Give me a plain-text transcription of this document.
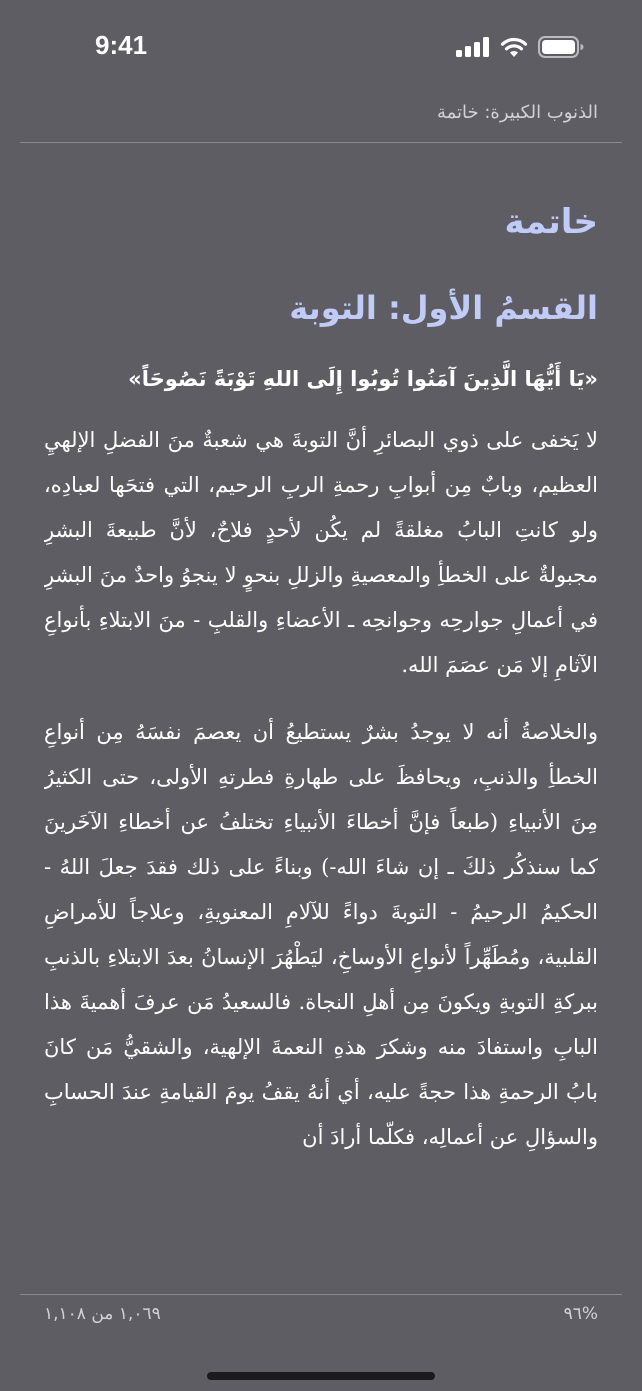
9:41
الذنوب الكبيرة: خاتمة
خاتمة
القسمُ الأول: التوبة

«يَا أَيُّهَا الَّذِينَ آمَنُوا تُوبُوا إِلَى اللهِ تَوْبَةً نَصُوحَاً»

لا يَخفى على ذوي البصائرِ أنَّ التوبةَ هي شعبةٌ منَ الفضلِ الإلهيِ العظيم، وبابٌ مِن أبوابِ رحمةِ الربِ الرحيم، التي فتحَها لعبادِه، ولو كانتِ البابُ مغلقةً لم يكُن لأحدٍ فلاحٌ، لأنَّ طبيعةَ البشرِ مجبولةٌ على الخطأِ والمعصيةِ والزللِ بنحوٍ لا ينجوُ واحدٌ منَ البشرِ في أعمالِ جوارحِه وجوانحِه ـ الأعضاءِ والقلبِ - منَ الابتلاءِ بأنواعِ الآثامِ إلا مَن عصَمَ الله.

والخلاصةُ أنه لا يوجدُ بشرٌ يستطيعُ أن يعصمَ نفسَهُ مِن أنواعِ الخطأِ والذنبِ، ويحافظَ على طهارةِ فطرتهِ الأولى، حتى الكثيرُ مِنَ الأنبياءِ (طبعاً فإنَّ أخطاءَ الأنبياءِ تختلفُ عن أخطاءِ الآخَرينَ كما سنذكُر ذلكَ ـ إن شاءَ الله-) وبناءً على ذلك فقدَ جعلَ اللهُ - الحكيمُ الرحيمُ - التوبةَ دواءً للآلامِ المعنويةِ، وعلاجاً للأمراضِ القلبية، ومُطَهِّراً لأنواعِ الأوساخِ، ليَطْهُرَ الإنسانُ بعدَ الابتلاءِ بالذنبِ ببركةِ التوبةِ ويكونَ مِن أهلِ النجاة. فالسعيدُ مَن عرفَ أهميةَ هذا البابِ واستفادَ منه وشكرَ هذهِ النعمةَ الإلهية، والشقيُّ مَن كانَ بابُ الرحمةِ هذا حجةً عليه، أي أنهُ يقفُ يومَ القيامةِ عندَ الحسابِ والسؤالِ عن أعمالِه، فكلّما أرادَ أن

١,٠٦٩ من ١,١٠٨	٩٦%
